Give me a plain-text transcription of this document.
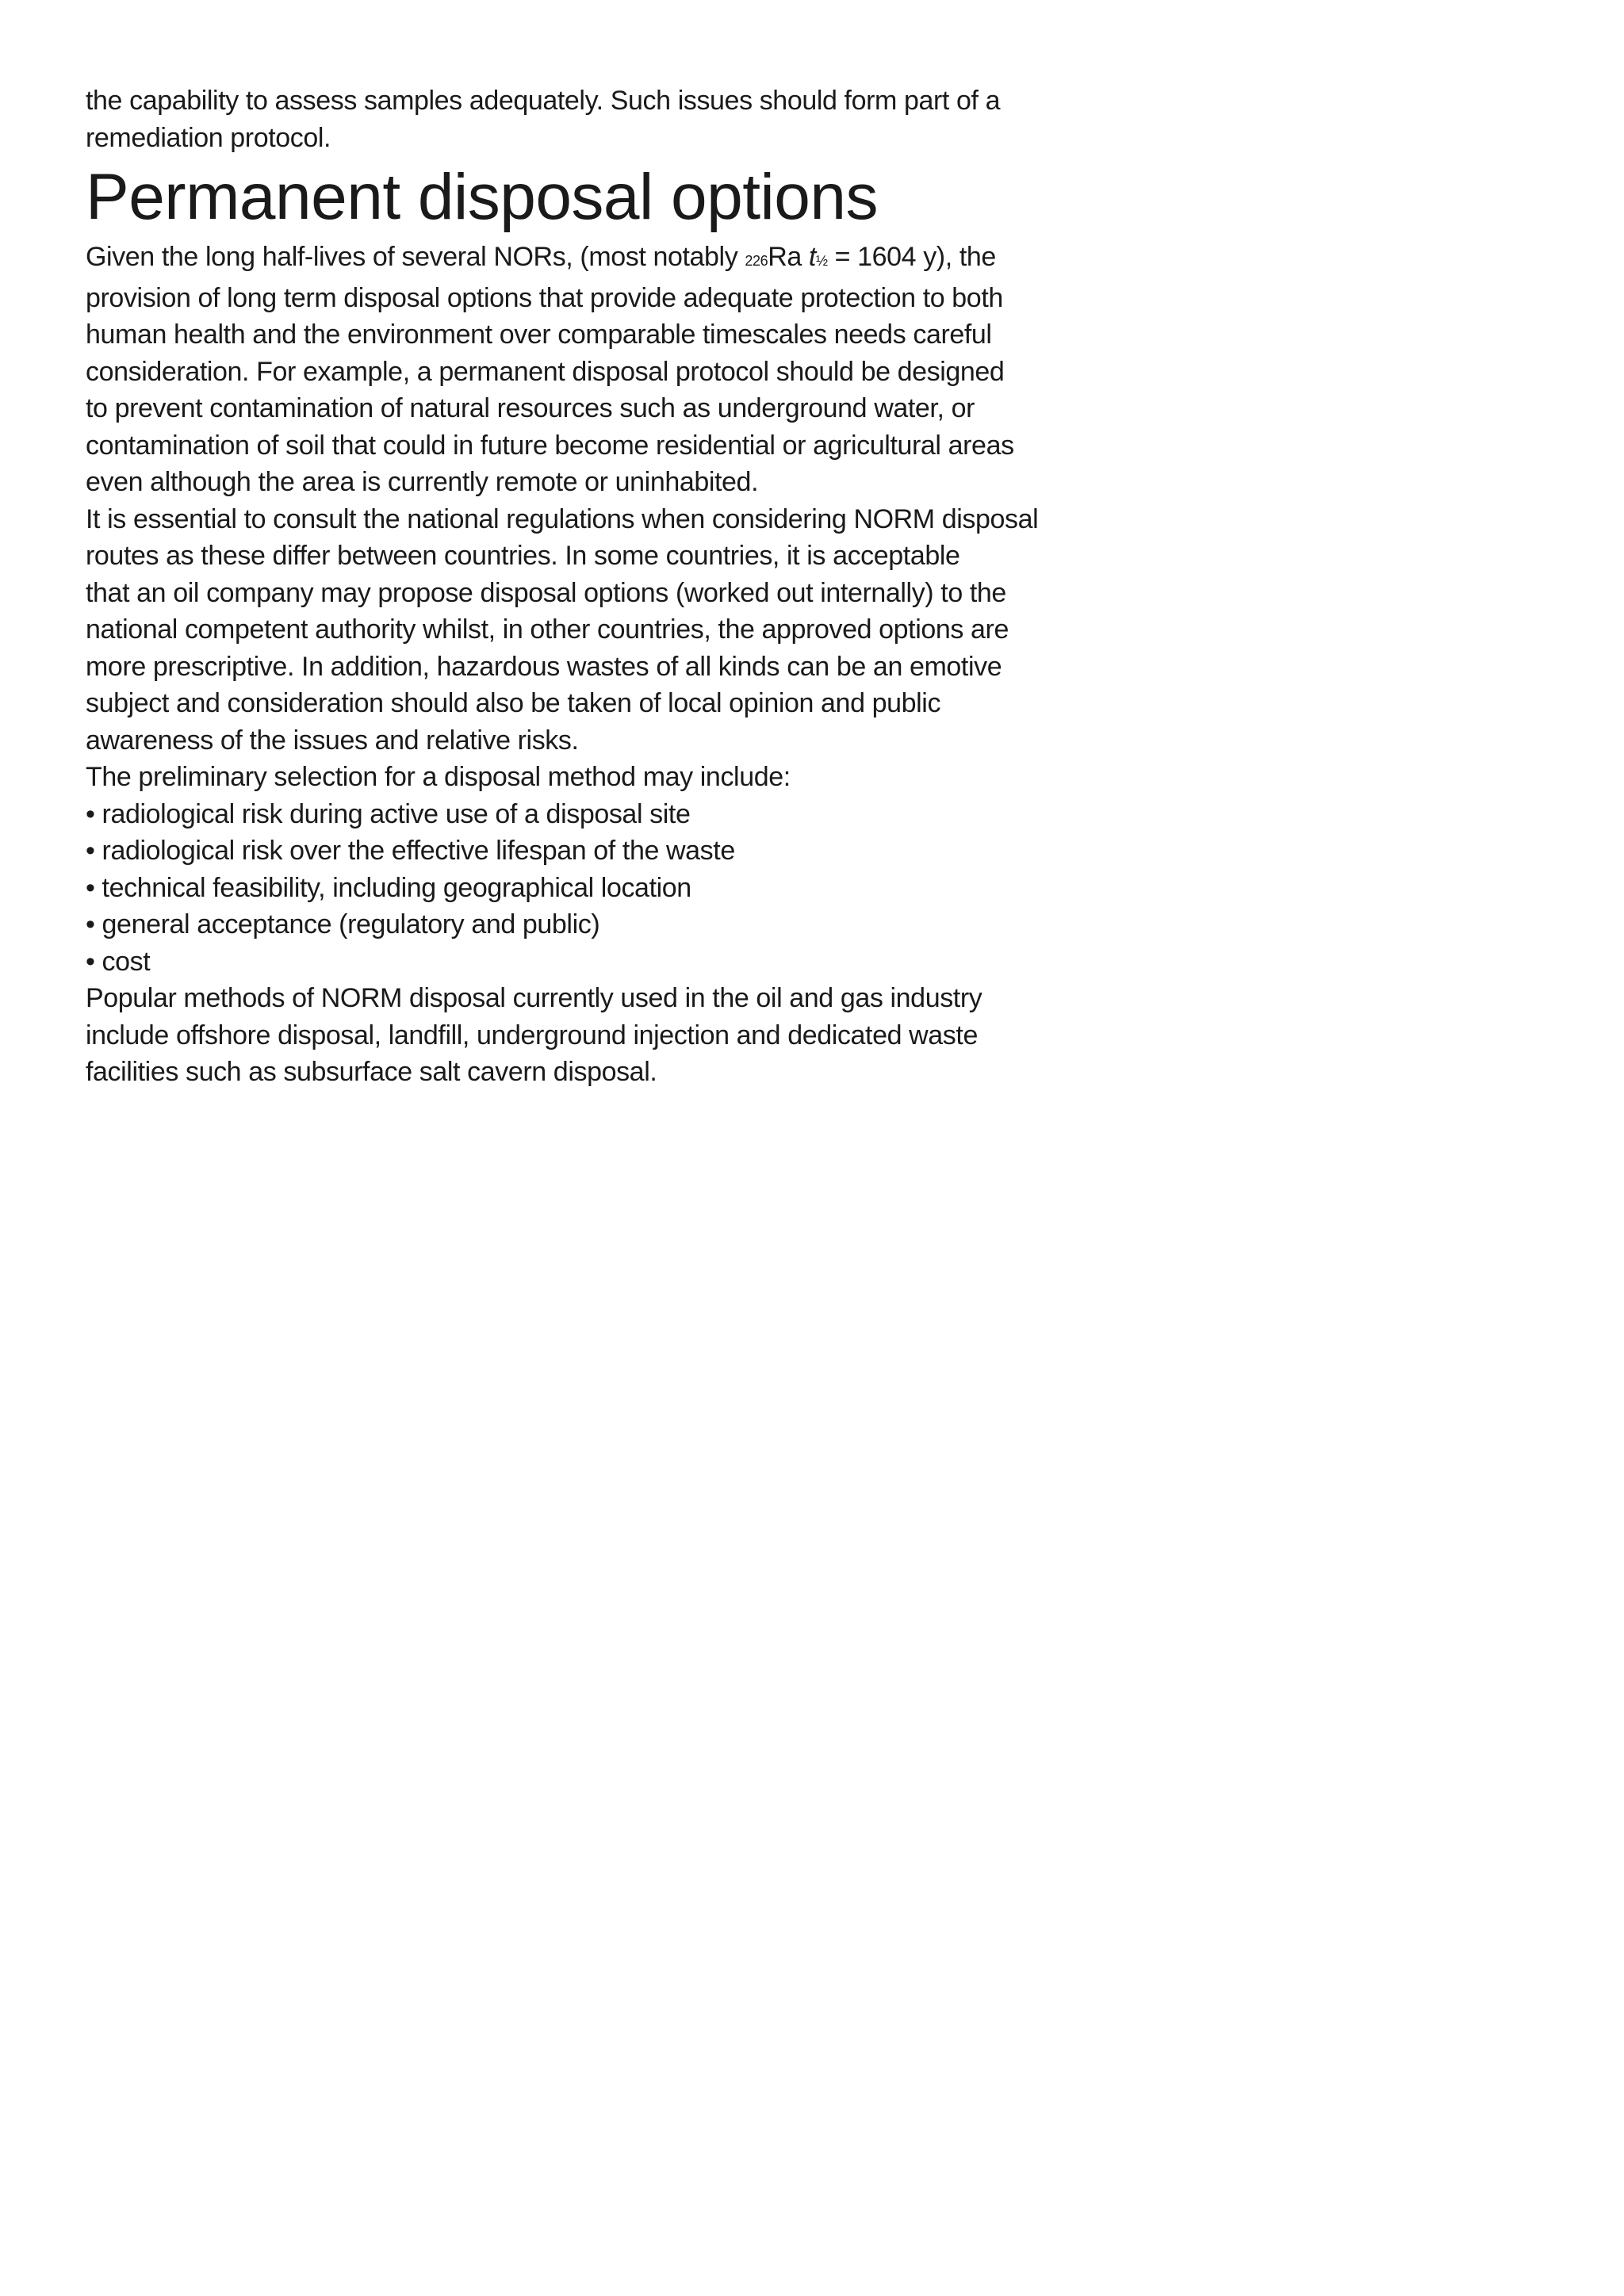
the capability to assess samples adequately. Such issues should form part of a
remediation protocol.
Permanent disposal options
Given the long half-lives of several NORs, (most notably 226Ra t½ = 1604 y), the
provision of long term disposal options that provide adequate protection to both
human health and the environment over comparable timescales needs careful
consideration. For example, a permanent disposal protocol should be designed
to prevent contamination of natural resources such as underground water, or
contamination of soil that could in future become residential or agricultural areas
even although the area is currently remote or uninhabited.
It is essential to consult the national regulations when considering NORM disposal
routes as these differ between countries. In some countries, it is acceptable
that an oil company may propose disposal options (worked out internally) to the
national competent authority whilst, in other countries, the approved options are
more prescriptive. In addition, hazardous wastes of all kinds can be an emotive
subject and consideration should also be taken of local opinion and public
awareness of the issues and relative risks.
The preliminary selection for a disposal method may include:
• radiological risk during active use of a disposal site
• radiological risk over the effective lifespan of the waste
• technical feasibility, including geographical location
• general acceptance (regulatory and public)
• cost
Popular methods of NORM disposal currently used in the oil and gas industry
include offshore disposal, landfill, underground injection and dedicated waste
facilities such as subsurface salt cavern disposal.
